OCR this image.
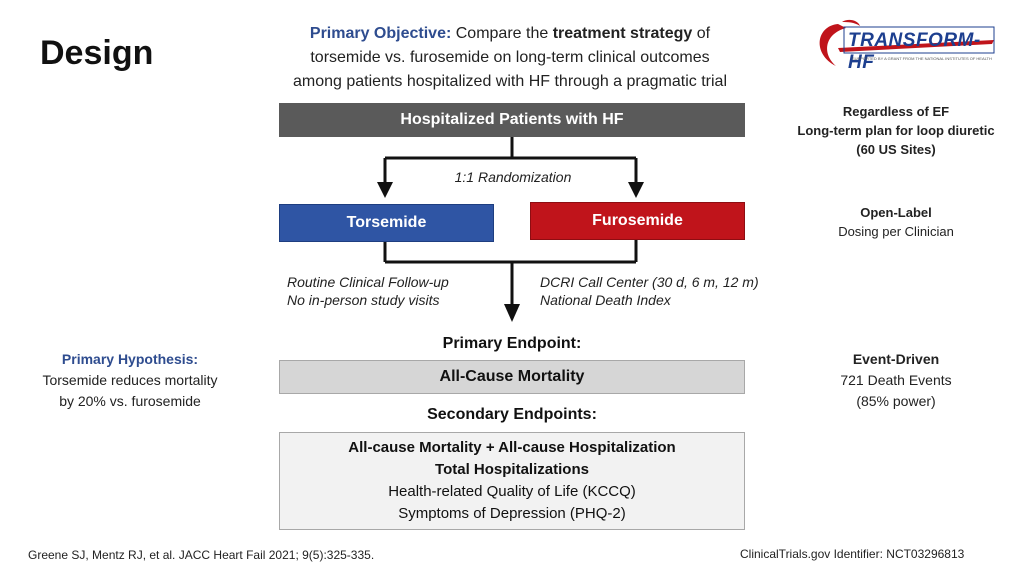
Design
Primary Objective: Compare the treatment strategy of
torsemide vs. furosemide on long-term clinical outcomes
among patients hospitalized with HF through a pragmatic trial
TRANSFORM-HF
SUPPORTED BY A GRANT FROM THE NATIONAL INSTITUTES OF HEALTH
Hospitalized Patients with HF
1:1 Randomization
Torsemide	Furosemide
Routine Clinical Follow-up
No in-person study visits
DCRI Call Center (30 d, 6 m, 12 m)
National Death Index
Primary Endpoint:
All-Cause Mortality
Secondary Endpoints:
All-cause Mortality + All-cause Hospitalization
Total Hospitalizations
Health-related Quality of Life (KCCQ)
Symptoms of Depression (PHQ-2)
Regardless of EF
Long-term plan for loop diuretic
(60 US Sites)
Open-Label
Dosing per Clinician
Event-Driven
721 Death Events
(85% power)
Primary Hypothesis:
Torsemide reduces mortality
by 20% vs. furosemide
Greene SJ, Mentz RJ, et al. JACC Heart Fail 2021; 9(5):325-335.	ClinicalTrials.gov Identifier: NCT03296813
